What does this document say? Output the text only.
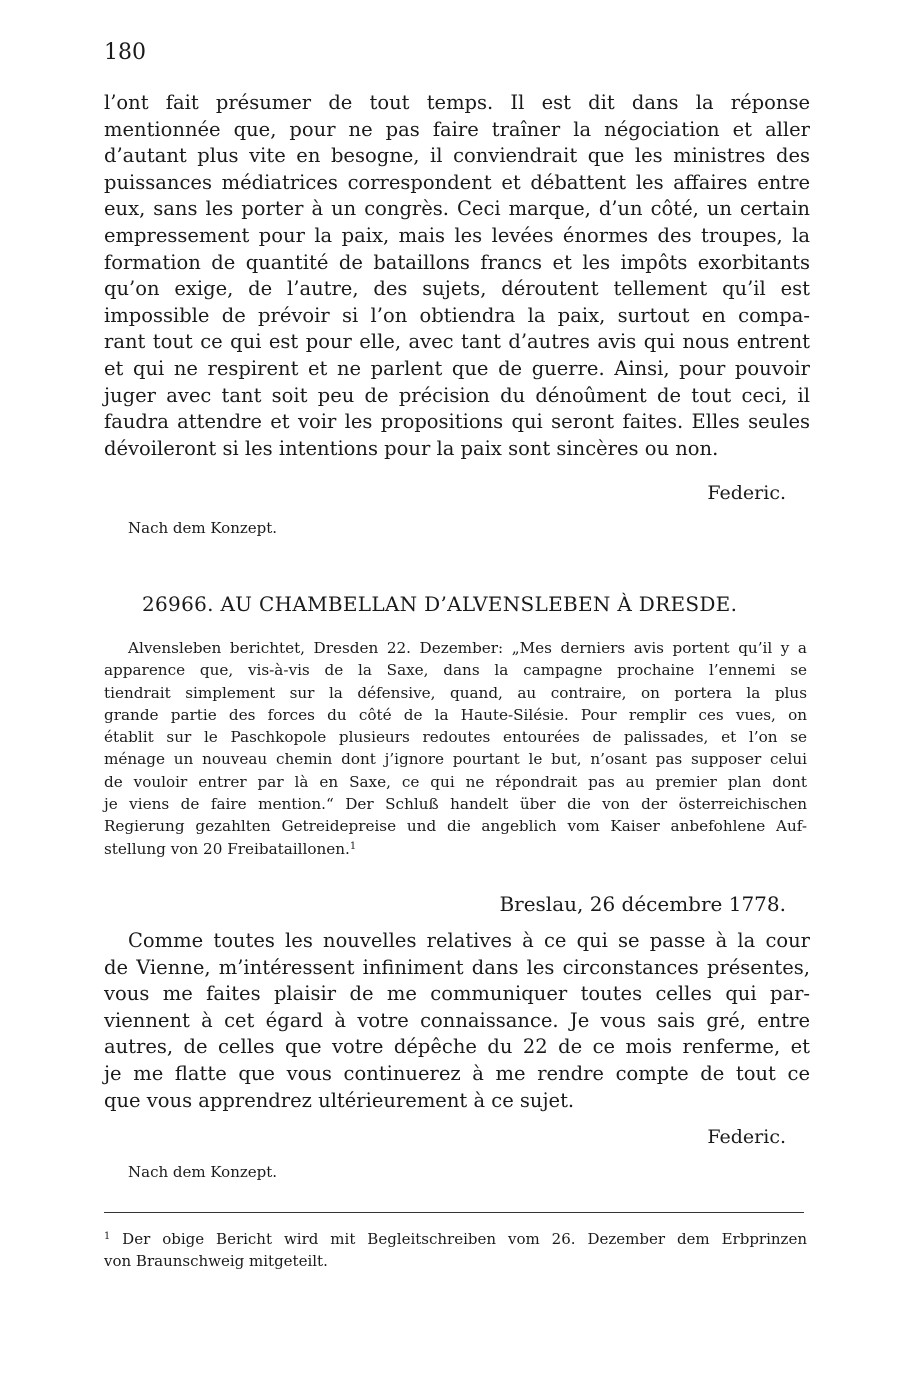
180
l’ont fait présumer de tout temps. Il est dit dans la réponse
mentionnée que, pour ne pas faire traîner la négociation et aller
d’autant plus vite en besogne, il conviendrait que les ministres des
puissances médiatrices correspondent et débattent les affaires entre
eux, sans les porter à un congrès. Ceci marque, d’un côté, un certain
empressement pour la paix, mais les levées énormes des troupes, la
formation de quantité de bataillons francs et les impôts exorbitants
qu’on exige, de l’autre, des sujets, déroutent tellement qu’il est
impossible de prévoir si l’on obtiendra la paix, surtout en compa-
rant tout ce qui est pour elle, avec tant d’autres avis qui nous entrent
et qui ne respirent et ne parlent que de guerre. Ainsi, pour pouvoir
juger avec tant soit peu de précision du dénoûment de tout ceci, il
faudra attendre et voir les propositions qui seront faites. Elles seules
dévoileront si les intentions pour la paix sont sincères ou non.
Federic.
Nach dem Konzept.
26966. AU CHAMBELLAN D’ALVENSLEBEN À DRESDE.
Alvensleben berichtet, Dresden 22. Dezember: „Mes derniers avis portent qu’il y a
apparence que, vis-à-vis de la Saxe, dans la campagne prochaine l’ennemi se
tiendrait simplement sur la défensive, quand, au contraire, on portera la plus
grande partie des forces du côté de la Haute-Silésie. Pour remplir ces vues, on
établit sur le Paschkopole plusieurs redoutes entourées de palissades, et l’on se
ménage un nouveau chemin dont j’ignore pourtant le but, n’osant pas supposer celui
de vouloir entrer par là en Saxe, ce qui ne répondrait pas au premier plan dont
je viens de faire mention.“ Der Schluß handelt über die von der österreichischen
Regierung gezahlten Getreidepreise und die angeblich vom Kaiser anbefohlene Auf-
stellung von 20 Freibataillonen.$^1$
Breslau, 26 décembre 1778.
Comme toutes les nouvelles relatives à ce qui se passe à la cour
de Vienne, m’intéressent infiniment dans les circonstances présentes,
vous me faites plaisir de me communiquer toutes celles qui par-
viennent à cet égard à votre connaissance. Je vous sais gré, entre
autres, de celles que votre dépêche du 22 de ce mois renferme, et
je me flatte que vous continuerez à me rendre compte de tout ce
que vous apprendrez ultérieurement à ce sujet.
Federic.
Nach dem Konzept.
$^1$ Der obige Bericht wird mit Begleitschreiben vom 26. Dezember dem Erbprinzen
von Braunschweig mitgeteilt.
